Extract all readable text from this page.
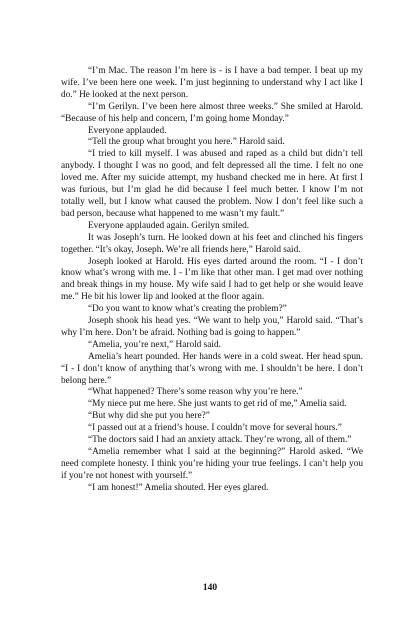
“I’m Mac. The reason I’m here is - is I have a bad temper. I beat up my wife. I’ve been here one week. I’m just beginning to understand why I act like I do.” He looked at the next person.

“I’m Gerilyn. I’ve been here almost three weeks.” She smiled at Harold. “Because of his help and concern, I’m going home Monday.”

Everyone applauded.

“Tell the group what brought you here.” Harold said.

“I tried to kill myself. I was abused and raped as a child but didn’t tell anybody. I thought I was no good, and felt depressed all the time. I felt no one loved me. After my suicide attempt, my husband checked me in here. At first I was furious, but I’m glad he did because I feel much better. I know I’m not totally well, but I know what caused the problem. Now I don’t feel like such a bad person, because what happened to me wasn’t my fault.”

Everyone applauded again. Gerilyn smiled.

It was Joseph’s turn. He looked down at his feet and clinched his fingers together. “It’s okay, Joseph. We’re all friends here,” Harold said.

Joseph looked at Harold. His eyes darted around the room. “I - I don’t know what’s wrong with me. I - I’m like that other man. I get mad over nothing and break things in my house. My wife said I had to get help or she would leave me.” He bit his lower lip and looked at the floor again.

“Do you want to know what’s creating the problem?”

Joseph shook his head yes. “We want to help you,” Harold said. “That’s why I’m here. Don’t be afraid. Nothing bad is going to happen.”

“Amelia, you’re next,” Harold said.

Amelia’s heart pounded. Her hands were in a cold sweat. Her head spun. “I - I don’t know of anything that’s wrong with me. I shouldn’t be here. I don’t belong here.”

“What happened? There’s some reason why you’re here.”

“My niece put me here. She just wants to get rid of me,” Amelia said.

“But why did she put you here?”

“I passed out at a friend’s house. I couldn’t move for several hours.”

“The doctors said I had an anxiety attack. They’re wrong, all of them.”

“Amelia remember what I said at the beginning?” Harold asked. “We need complete honesty. I think you’re hiding your true feelings. I can’t help you if you’re not honest with yourself.”

“I am honest!” Amelia shouted. Her eyes glared.

140
